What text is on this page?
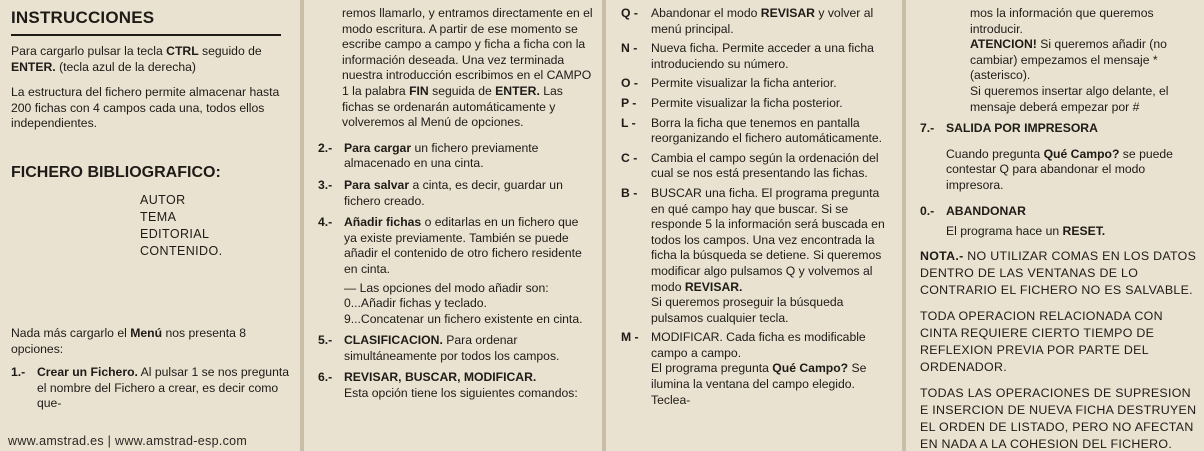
INSTRUCCIONES

Para cargarlo pulsar la tecla CTRL seguido de
ENTER. (tecla azul de la derecha)

La estructura del fichero permite almacenar hasta 200 fichas con 4 campos cada una, todos ellos independientes.

FICHERO BIBLIOGRAFICO:
AUTOR
TEMA
EDITORIAL
CONTENIDO.

Nada más cargarlo el Menú nos presenta 8 opciones:

1.- Crear un Fichero. Al pulsar 1 se nos pregunta el nombre del Fichero a crear, es decir como que-
www.amstrad.es | www.amstrad-esp.com

remos llamarlo, y entramos directamente en el modo escritura. A partir de ese momento se escribe campo a campo y ficha a ficha con la información deseada. Una vez terminada nuestra introducción escribimos en el CAMPO 1 la palabra FIN seguida de ENTER. Las fichas se ordenarán automáticamente y volveremos al Menú de opciones.

2.- Para cargar un fichero previamente almacenado en una cinta.
3.- Para salvar a cinta, es decir, guardar un fichero creado.
4.- Añadir fichas o editarlas en un fichero que ya existe previamente. También se puede añadir el contenido de otro fichero residente en cinta.
— Las opciones del modo añadir son:
0...Añadir fichas y teclado.
9...Concatenar un fichero existente en cinta.
5.- CLASIFICACION. Para ordenar simultáneamente por todos los campos.
6.- REVISAR, BUSCAR, MODIFICAR.
Esta opción tiene los siguientes comandos:
Q - Abandonar el modo REVISAR y volver al menú principal.
N - Nueva ficha. Permite acceder a una ficha introduciendo su número.
O - Permite visualizar la ficha anterior.
P - Permite visualizar la ficha posterior.
L - Borra la ficha que tenemos en pantalla reorganizando el fichero automáticamente.
C - Cambia el campo según la ordenación del cual se nos está presentando las fichas.
B - BUSCAR una ficha. El programa pregunta en qué campo hay que buscar. Si se responde 5 la información será buscada en todos los campos. Una vez encontrada la ficha la búsqueda se detiene. Si queremos modificar algo pulsamos Q y volvemos al modo REVISAR.
Si queremos proseguir la búsqueda pulsamos cualquier tecla.
M - MODIFICAR. Cada ficha es modificable campo a campo.
El programa pregunta Qué Campo? Se ilumina la ventana del campo elegido. Teclea-
mos la información que queremos introducir.
ATENCION! Si queremos añadir (no cambiar) empezamos el mensaje * (asterisco).
Si queremos insertar algo delante, el mensaje deberá empezar por #
7.- SALIDA POR IMPRESORA

Cuando pregunta Qué Campo? se puede contestar Q para abandonar el modo impresora.

0.- ABANDONAR

El programa hace un RESET.

NOTA.- NO UTILIZAR COMAS EN LOS DATOS DENTRO DE LAS VENTANAS DE LO CONTRARIO EL FICHERO NO ES SALVABLE.
TODA OPERACION RELACIONADA CON CINTA REQUIERE CIERTO TIEMPO DE REFLEXION PREVIA POR PARTE DEL ORDENADOR.
TODAS LAS OPERACIONES DE SUPRESION E INSERCION DE NUEVA FICHA DESTRUYEN EL ORDEN DE LISTADO, PERO NO AFECTAN EN NADA A LA COHESION DEL FICHERO.
